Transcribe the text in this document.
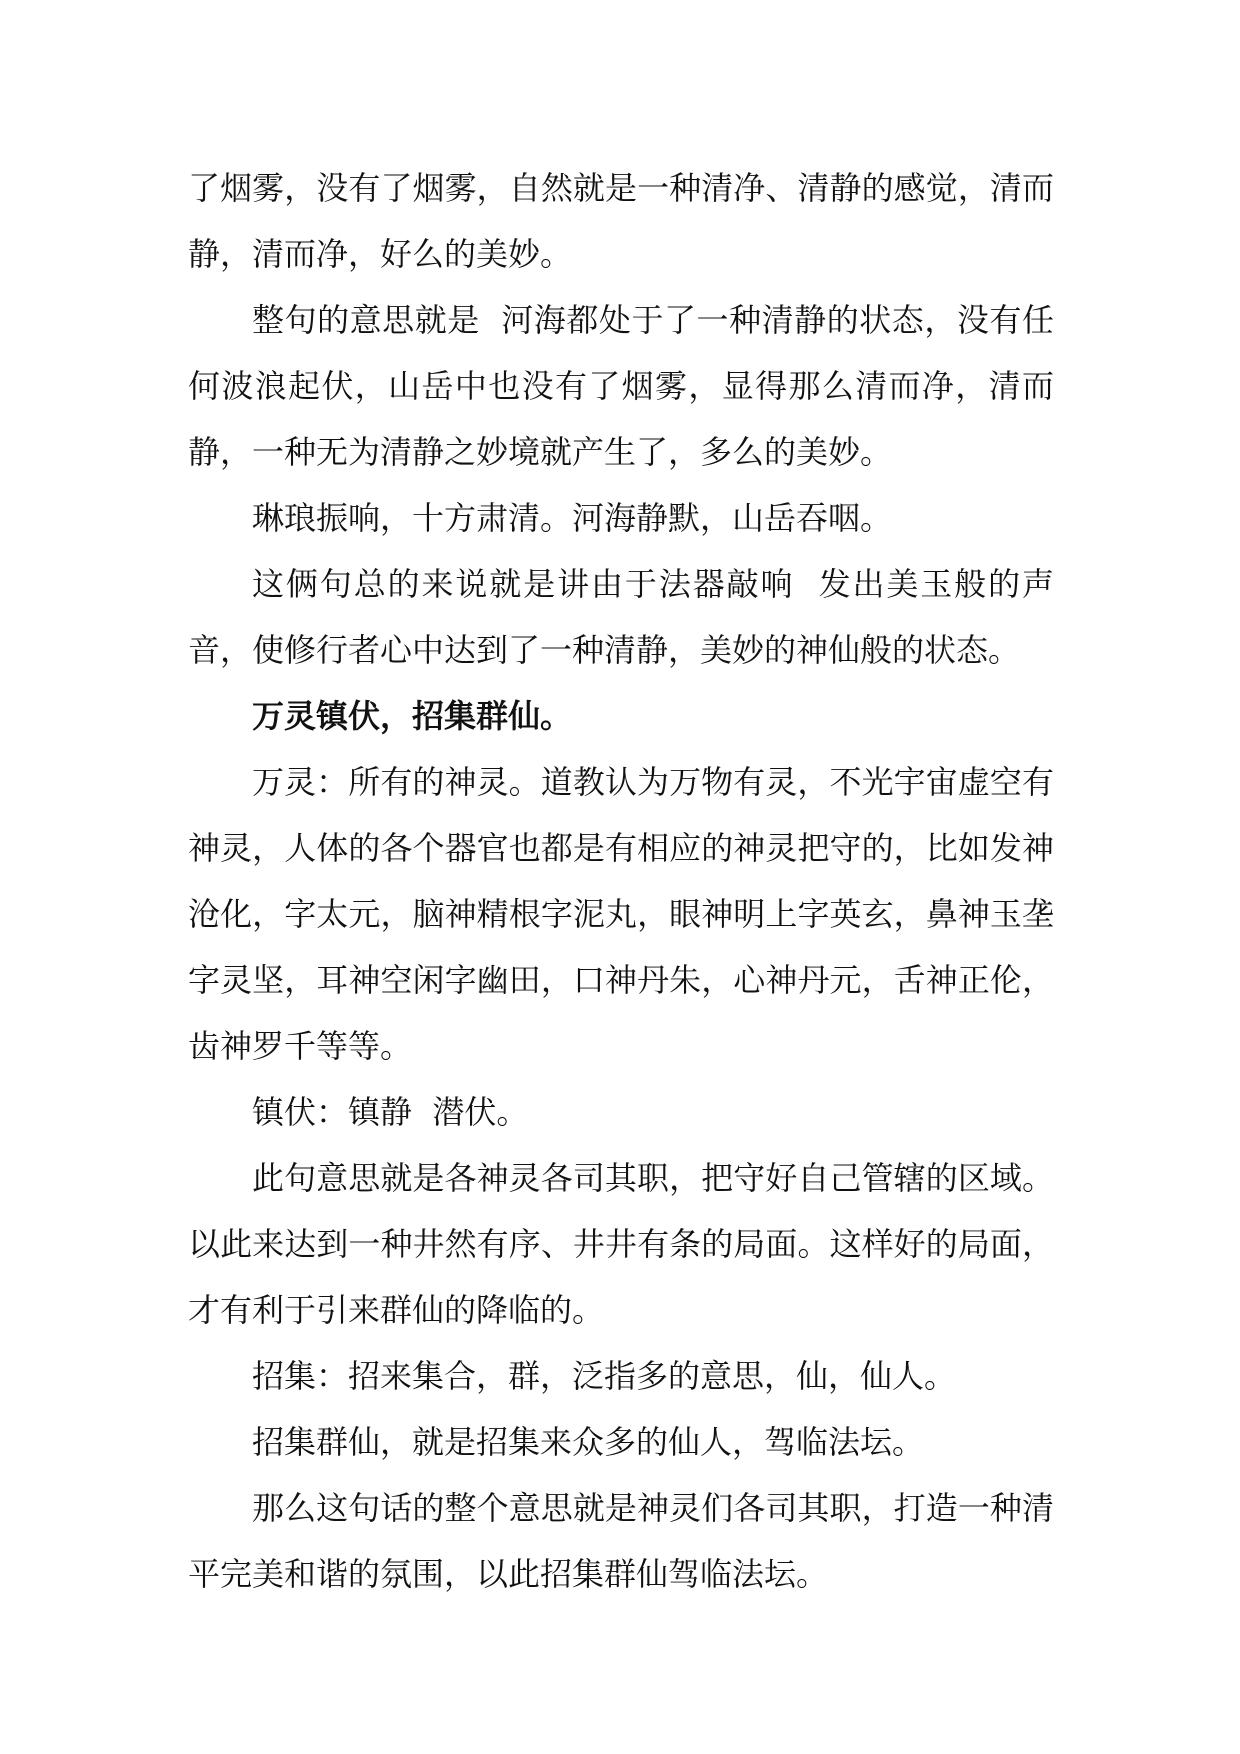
了烟雾，没有了烟雾，自然就是一种清净、清静的感觉，清而静，清而净，好么的美妙。

整句的意思就是  河海都处于了一种清静的状态，没有任何波浪起伏，山岳中也没有了烟雾，显得那么清而净，清而静，一种无为清静之妙境就产生了，多么的美妙。

琳琅振响，十方肃清。河海静默，山岳吞咽。

这俩句总的来说就是讲由于法器敲响  发出美玉般的声音，使修行者心中达到了一种清静，美妙的神仙般的状态。

万灵镇伏，招集群仙。

万灵：所有的神灵。道教认为万物有灵，不光宇宙虚空有神灵，人体的各个器官也都是有相应的神灵把守的，比如发神  沧化，字太元，脑神精根字泥丸，眼神明上字英玄，鼻神玉垄字灵坚，耳神空闲字幽田，口神丹朱，心神丹元，舌神正伦，齿神罗千等等。

镇伏：镇静  潜伏。

此句意思就是各神灵各司其职，把守好自己管辖的区域。以此来达到一种井然有序、井井有条的局面。这样好的局面，才有利于引来群仙的降临的。

招集：招来集合，群，泛指多的意思，仙，仙人。

招集群仙，就是招集来众多的仙人，驾临法坛。

那么这句话的整个意思就是神灵们各司其职，打造一种清平完美和谐的氛围，以此招集群仙驾临法坛。
